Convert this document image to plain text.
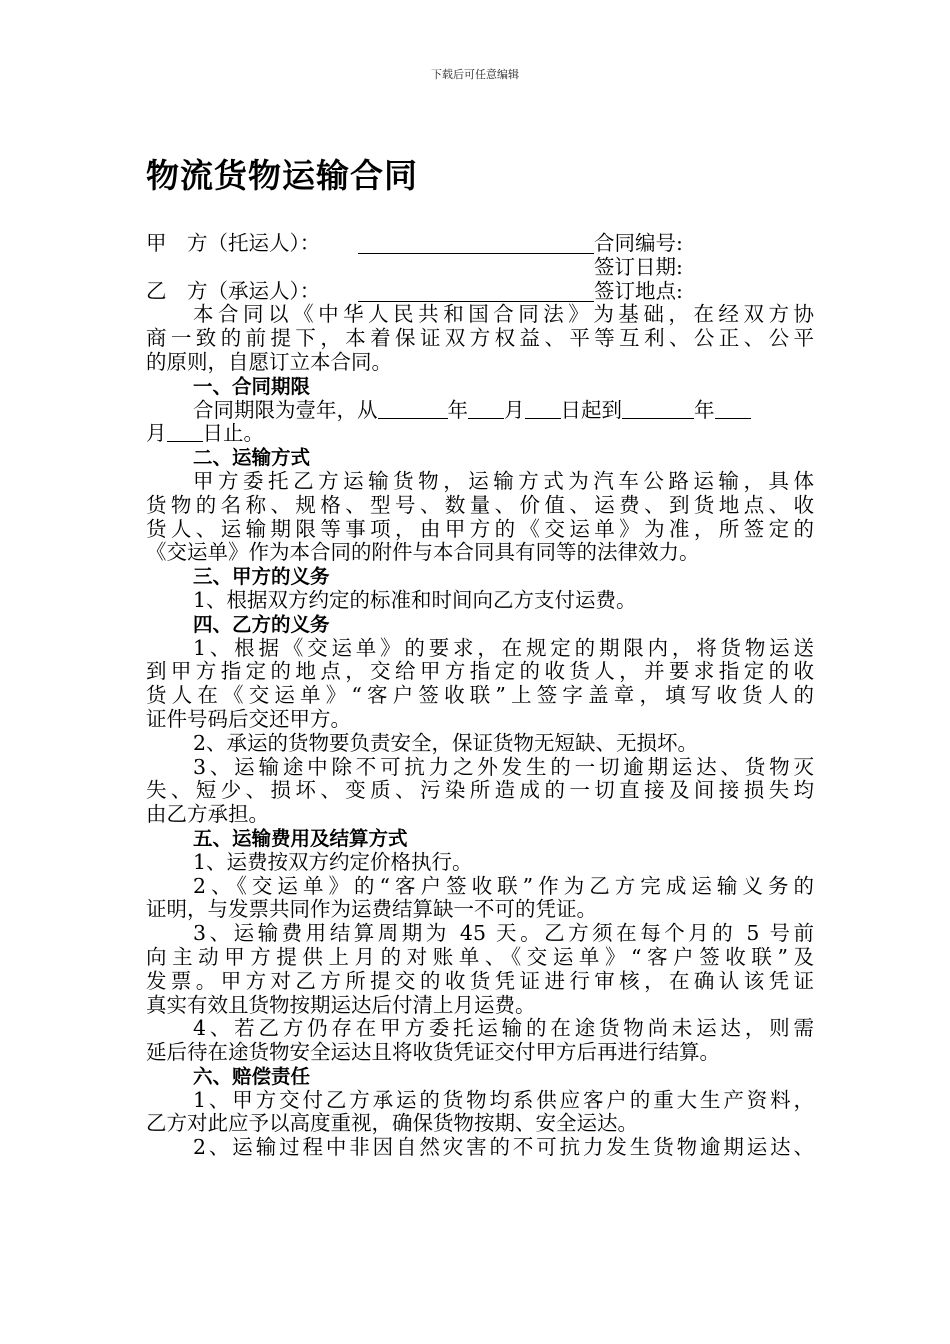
下载后可任意编辑
物流货物运输合同
甲　方（托运人）：	合同编号:
签订日期:
乙　方（承运人）：	签订地点:
本合同以《中华人民共和国合同法》为基础，在经双方协
商一致的前提下，本着保证双方权益、平等互利、公正、公平
的原则，自愿订立本合同。
一、合同期限
合同期限为壹年，从	年 月 日起到	年
月 日止。
二、运输方式
甲方委托乙方运输货物，运输方式为汽车公路运输，具体
货物的名称、规格、型号、数量、价值、运费、到货地点、收
货人、运输期限等事项，由甲方的《交运单》为准，所签定的
《交运单》作为本合同的附件与本合同具有同等的法律效力。
三、甲方的义务
1、根据双方约定的标准和时间向乙方支付运费。
四、乙方的义务
1、根据《交运单》的要求，在规定的期限内，将货物运送
到甲方指定的地点，交给甲方指定的收货人，并要求指定的收
货人在《交运单》“客户签收联”上签字盖章，填写收货人的
证件号码后交还甲方。
2、承运的货物要负责安全，保证货物无短缺、无损坏。
3、运输途中除不可抗力之外发生的一切逾期运达、货物灭
失、短少、损坏、变质、污染所造成的一切直接及间接损失均
由乙方承担。
五、运输费用及结算方式
1、运费按双方约定价格执行。
2、《交运单》的“客户签收联”作为乙方完成运输义务的
证明，与发票共同作为运费结算缺一不可的凭证。
3、运输费用结算周期为 45 天。乙方须在每个月的 5 号前
向主动甲方提供上月的对账单、《交运单》“客户签收联”及
发票。甲方对乙方所提交的收货凭证进行审核，在确认该凭证
真实有效且货物按期运达后付清上月运费。
4、若乙方仍存在甲方委托运输的在途货物尚未运达，则需
延后待在途货物安全运达且将收货凭证交付甲方后再进行结算。
六、赔偿责任
1、甲方交付乙方承运的货物均系供应客户的重大生产资料，
乙方对此应予以高度重视，确保货物按期、安全运达。
2、运输过程中非因自然灾害的不可抗力发生货物逾期运达、
